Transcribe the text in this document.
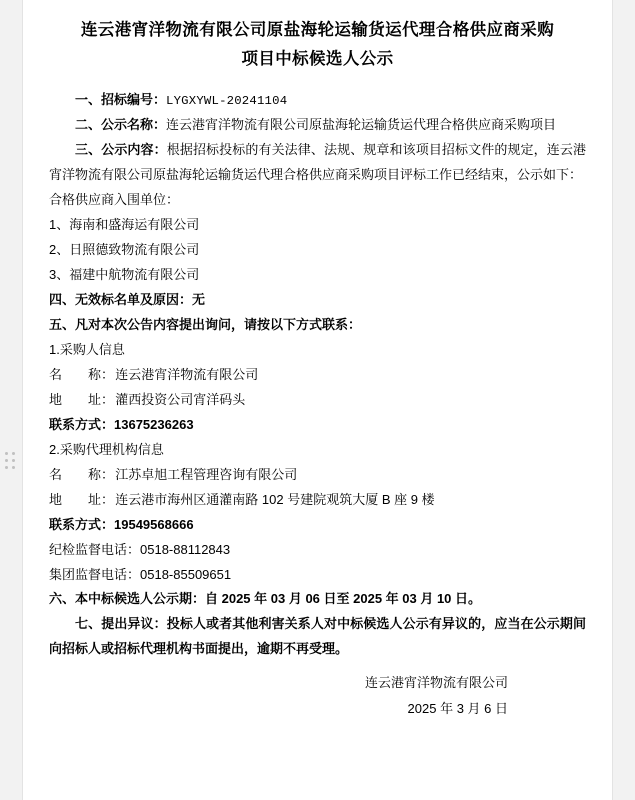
连云港宵洋物流有限公司原盐海轮运输货运代理合格供应商采购
项目中标候选人公示

一、招标编号：LYGXYWL-20241104

二、公示名称：连云港宵洋物流有限公司原盐海轮运输货运代理合格供应商采购项目

三、公示内容：根据招标投标的有关法律、法规、规章和该项目招标文件的规定，连云港宵洋物流有限公司原盐海轮运输货运代理合格供应商采购项目评标工作已经结束，公示如下：

合格供应商入围单位：

1、海南和盛海运有限公司

2、日照德致物流有限公司

3、福建中航物流有限公司

四、无效标名单及原因：无

五、凡对本次公告内容提出询问，请按以下方式联系：

1.采购人信息

名　　称：连云港宵洋物流有限公司

地　　址：灌西投资公司宵洋码头

联系方式：13675236263

2.采购代理机构信息

名　　称：江苏卓旭工程管理咨询有限公司

地　　址：连云港市海州区通灌南路 102 号建院观筑大厦 B 座 9 楼

联系方式：19549568666

纪检监督电话：0518-88112843

集团监督电话：0518-85509651

六、本中标候选人公示期：自 2025 年 03 月 06 日至 2025 年 03 月 10 日。

七、提出异议：投标人或者其他利害关系人对中标候选人公示有异议的，应当在公示期间向招标人或招标代理机构书面提出，逾期不再受理。

连云港宵洋物流有限公司
2025 年 3 月 6 日
